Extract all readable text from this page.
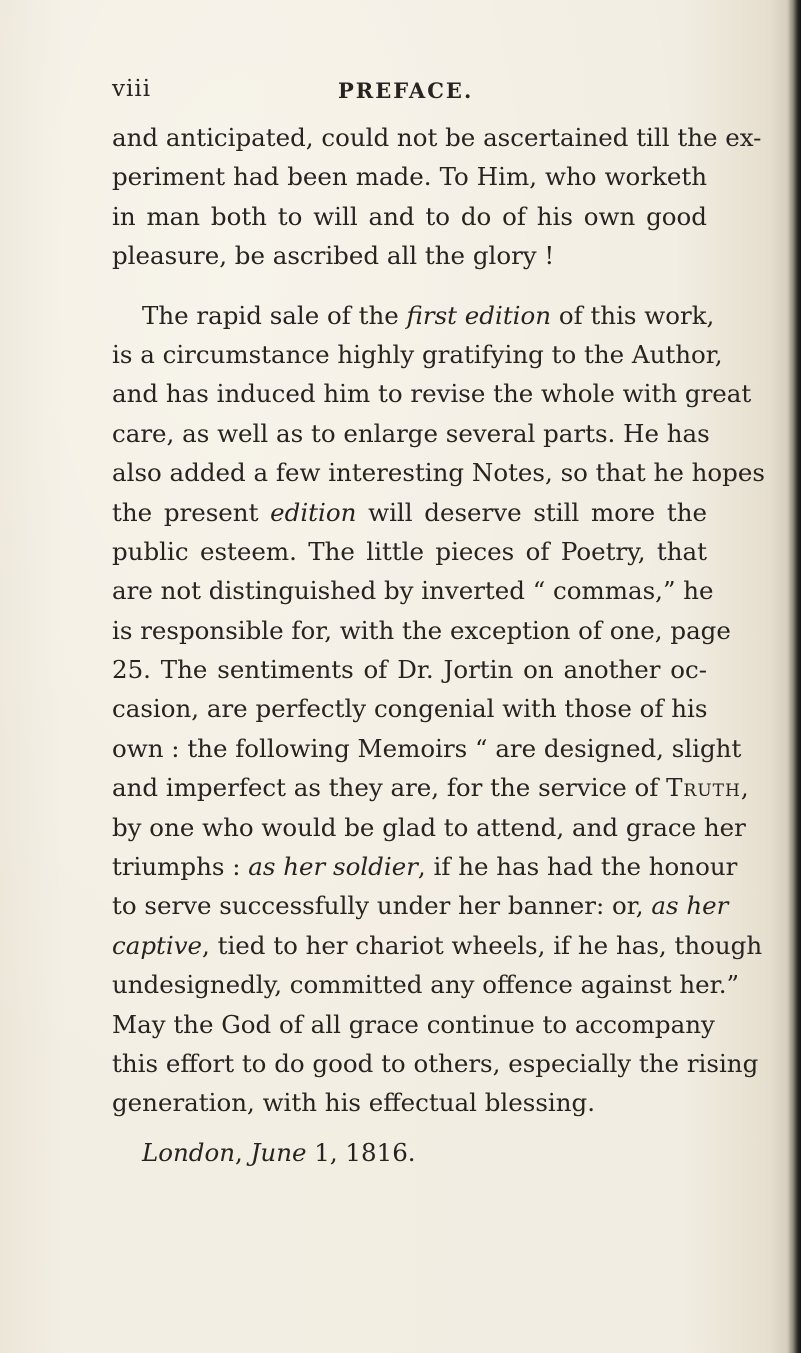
viii	PREFACE.
and anticipated, could not be ascertained till the ex-
periment had been made. To Him, who worketh
in man both to will and to do of his own good
pleasure, be ascribed all the glory !
The rapid sale of the first edition of this work,
is a circumstance highly gratifying to the Author,
and has induced him to revise the whole with great
care, as well as to enlarge several parts. He has
also added a few interesting Notes, so that he hopes
the present edition will deserve still more the
public esteem. The little pieces of Poetry, that
are not distinguished by inverted “ commas,” he
is responsible for, with the exception of one, page
25. The sentiments of Dr. Jortin on another oc-
casion, are perfectly congenial with those of his
own : the following Memoirs “ are designed, slight
and imperfect as they are, for the service of Truth,
by one who would be glad to attend, and grace her
triumphs : as her soldier, if he has had the honour
to serve successfully under her banner: or, as her
captive, tied to her chariot wheels, if he has, though
undesignedly, committed any offence against her.”
May the God of all grace continue to accompany
this effort to do good to others, especially the rising
generation, with his effectual blessing.
London, June 1, 1816.
